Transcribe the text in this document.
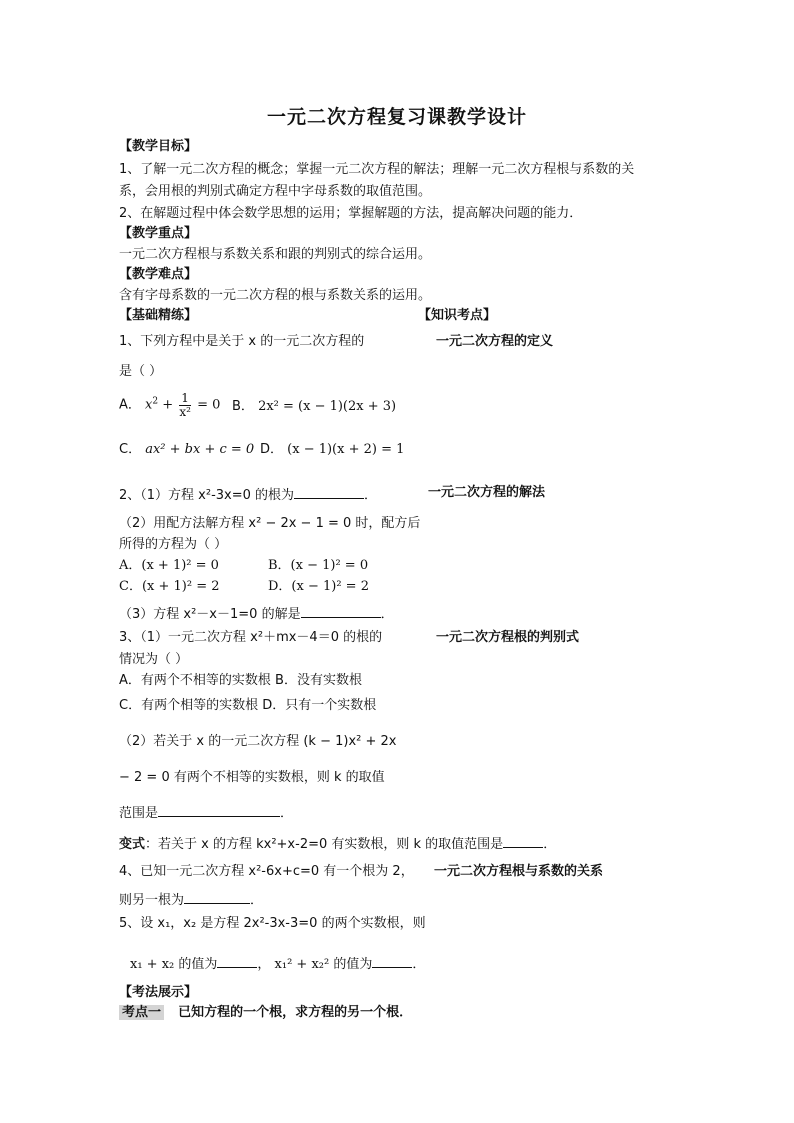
一元二次方程复习课教学设计
【教学目标】
1、了解一元二次方程的概念；掌握一元二次方程的解法；理解一元二次方程根与系数的关
系，会用根的判别式确定方程中字母系数的取值范围。
2、在解题过程中体会数学思想的运用；掌握解题的方法，提高解决问题的能力．
【教学重点】
一元二次方程根与系数关系和跟的判别式的综合运用。
【教学难点】
含有字母系数的一元二次方程的根与系数关系的运用。
【基础精练】	【知识考点】
1、下列方程中是关于 x 的一元二次方程的	一元二次方程的定义
是（ ）
A． $x^2 + \frac{1}{\text{x²}} = 0$ B． 2x² = (x − 1)(2x + 3)
C． ax² + bx + c = 0 D． (x − 1)(x + 2) = 1
2、（1）方程 x²-3x=0 的根为	．	一元二次方程的解法
（2）用配方法解方程 x² − 2x − 1 = 0 时，配方后
所得的方程为（ ）
A．(x + 1)² = 0	B．(x − 1)² = 0
C．(x + 1)² = 2	D．(x − 1)² = 2
（3）方程 x²－x－1=0 的解是	．
3、（1）一元二次方程 x²＋mx－4＝0 的根的	一元二次方程根的判别式
情况为（ ）
A．有两个不相等的实数根 B．没有实数根
C．有两个相等的实数根 D．只有一个实数根
（2）若关于 x 的一元二次方程 (k − 1)x² + 2x
− 2 = 0 有两个不相等的实数根，则 k 的取值
范围是	．
变式：若关于 x 的方程 kx²+x-2=0 有实数根，则 k 的取值范围是	．
4、已知一元二次方程 x²-6x+c=0 有一个根为 2， 一元二次方程根与系数的关系
则另一根为	．
5、设 x₁，x₂ 是方程 2x²-3x-3=0 的两个实数根，则
x₁ + x₂ 的值为	， x₁² + x₂² 的值为	．
【考法展示】
考点一 已知方程的一个根，求方程的另一个根．
